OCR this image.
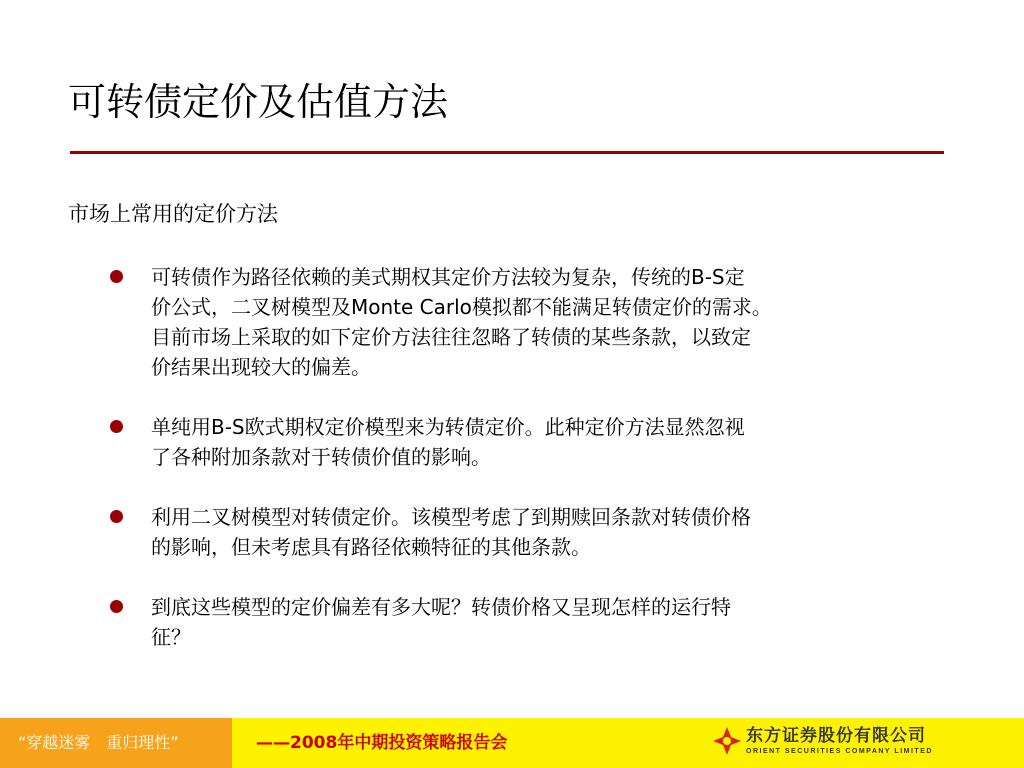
可转债定价及估值方法
市场上常用的定价方法
可转债作为路径依赖的美式期权其定价方法较为复杂，传统的B-S定
价公式，二叉树模型及Monte Carlo模拟都不能满足转债定价的需求。
目前市场上采取的如下定价方法往往忽略了转债的某些条款，以致定
价结果出现较大的偏差。
单纯用B-S欧式期权定价模型来为转债定价。此种定价方法显然忽视
了各种附加条款对于转债价值的影响。
利用二叉树模型对转债定价。该模型考虑了到期赎回条款对转债价格
的影响，但未考虑具有路径依赖特征的其他条款。
到底这些模型的定价偏差有多大呢？转债价格又呈现怎样的运行特
征？
“穿越迷雾　重归理性”	——2008年中期投资策略报告会	东方证券股份有限公司
ORIENT SECURITIES COMPANY LIMITED
